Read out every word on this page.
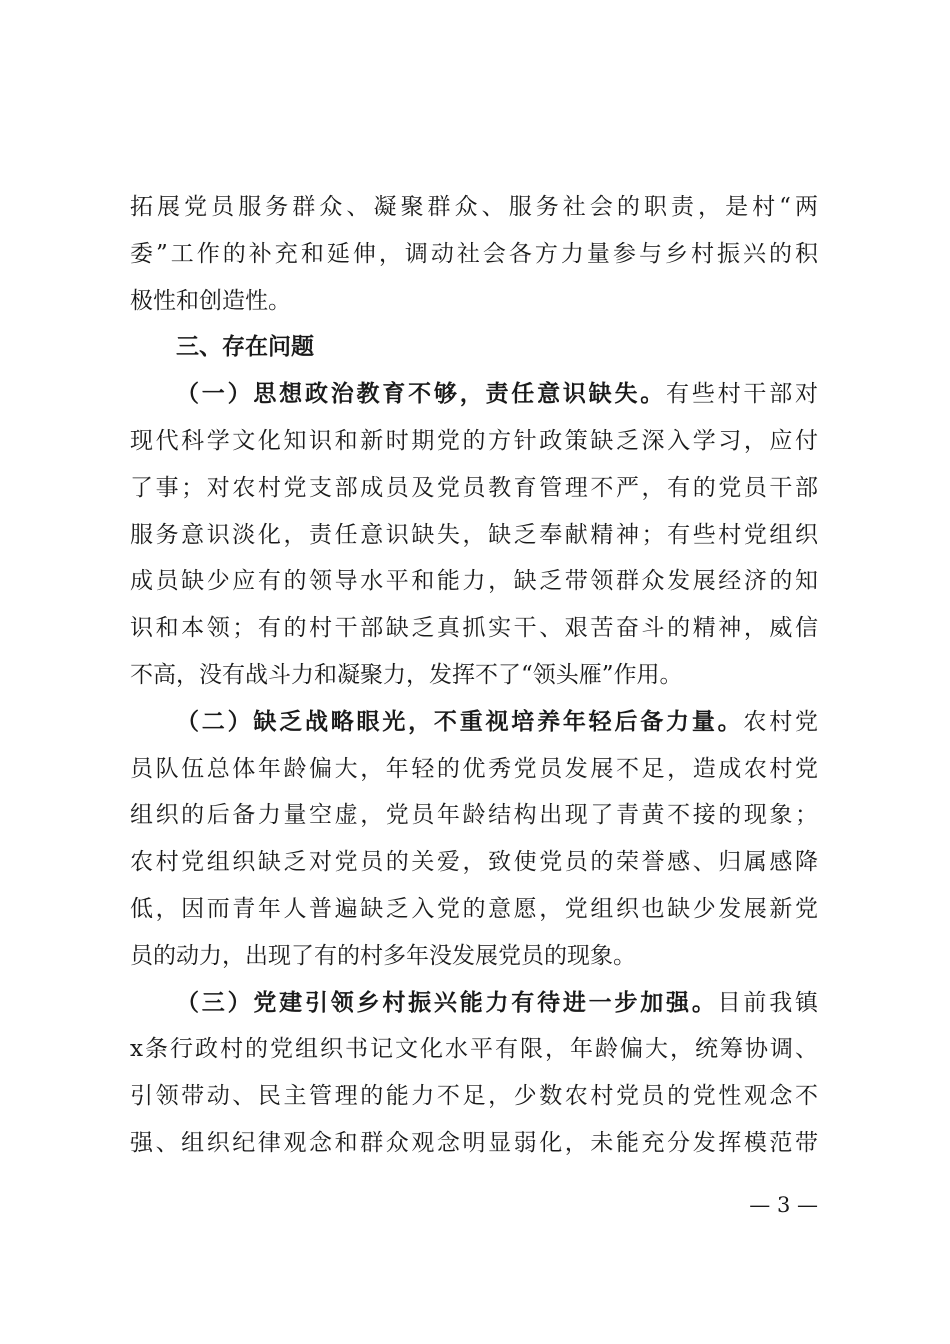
拓展党员服务群众、凝聚群众、服务社会的职责，是村“两
委”工作的补充和延伸，调动社会各方力量参与乡村振兴的积
极性和创造性。
三、存在问题
（一）思想政治教育不够，责任意识缺失。有些村干部对
现代科学文化知识和新时期党的方针政策缺乏深入学习，应付
了事；对农村党支部成员及党员教育管理不严，有的党员干部
服务意识淡化，责任意识缺失，缺乏奉献精神；有些村党组织
成员缺少应有的领导水平和能力，缺乏带领群众发展经济的知
识和本领；有的村干部缺乏真抓实干、艰苦奋斗的精神，威信
不高，没有战斗力和凝聚力，发挥不了“领头雁”作用。
（二）缺乏战略眼光，不重视培养年轻后备力量。农村党
员队伍总体年龄偏大，年轻的优秀党员发展不足，造成农村党
组织的后备力量空虚，党员年龄结构出现了青黄不接的现象；
农村党组织缺乏对党员的关爱，致使党员的荣誉感、归属感降
低，因而青年人普遍缺乏入党的意愿，党组织也缺少发展新党
员的动力，出现了有的村多年没发展党员的现象。
（三）党建引领乡村振兴能力有待进一步加强。目前我镇
x条行政村的党组织书记文化水平有限，年龄偏大，统筹协调、
引领带动、民主管理的能力不足，少数农村党员的党性观念不
强、组织纪律观念和群众观念明显弱化，未能充分发挥模范带
— 3 —
